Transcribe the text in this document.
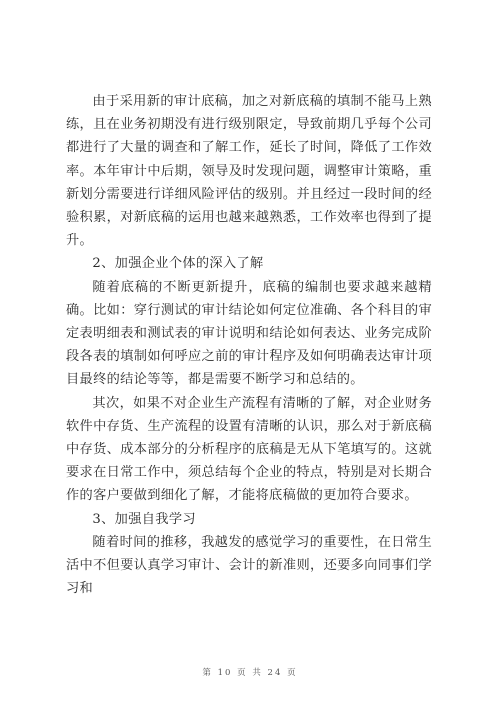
由于采用新的审计底稿，加之对新底稿的填制不能马上熟练，且在业务初期没有进行级别限定，导致前期几乎每个公司都进行了大量的调查和了解工作，延长了时间，降低了工作效率。本年审计中后期，领导及时发现问题，调整审计策略，重新划分需要进行详细风险评估的级别。并且经过一段时间的经验积累，对新底稿的运用也越来越熟悉，工作效率也得到了提升。

2、加强企业个体的深入了解

随着底稿的不断更新提升，底稿的编制也要求越来越精确。比如：穿行测试的审计结论如何定位准确、各个科目的审定表明细表和测试表的审计说明和结论如何表达、业务完成阶段各表的填制如何呼应之前的审计程序及如何明确表达审计项目最终的结论等等，都是需要不断学习和总结的。

其次，如果不对企业生产流程有清晰的了解，对企业财务软件中存货、生产流程的设置有清晰的认识，那么对于新底稿中存货、成本部分的分析程序的底稿是无从下笔填写的。这就要求在日常工作中，须总结每个企业的特点，特别是对长期合作的客户要做到细化了解，才能将底稿做的更加符合要求。

3、加强自我学习

随着时间的推移，我越发的感觉学习的重要性，在日常生活中不但要认真学习审计、会计的新准则，还要多向同事们学习和

第 10 页 共 24 页
